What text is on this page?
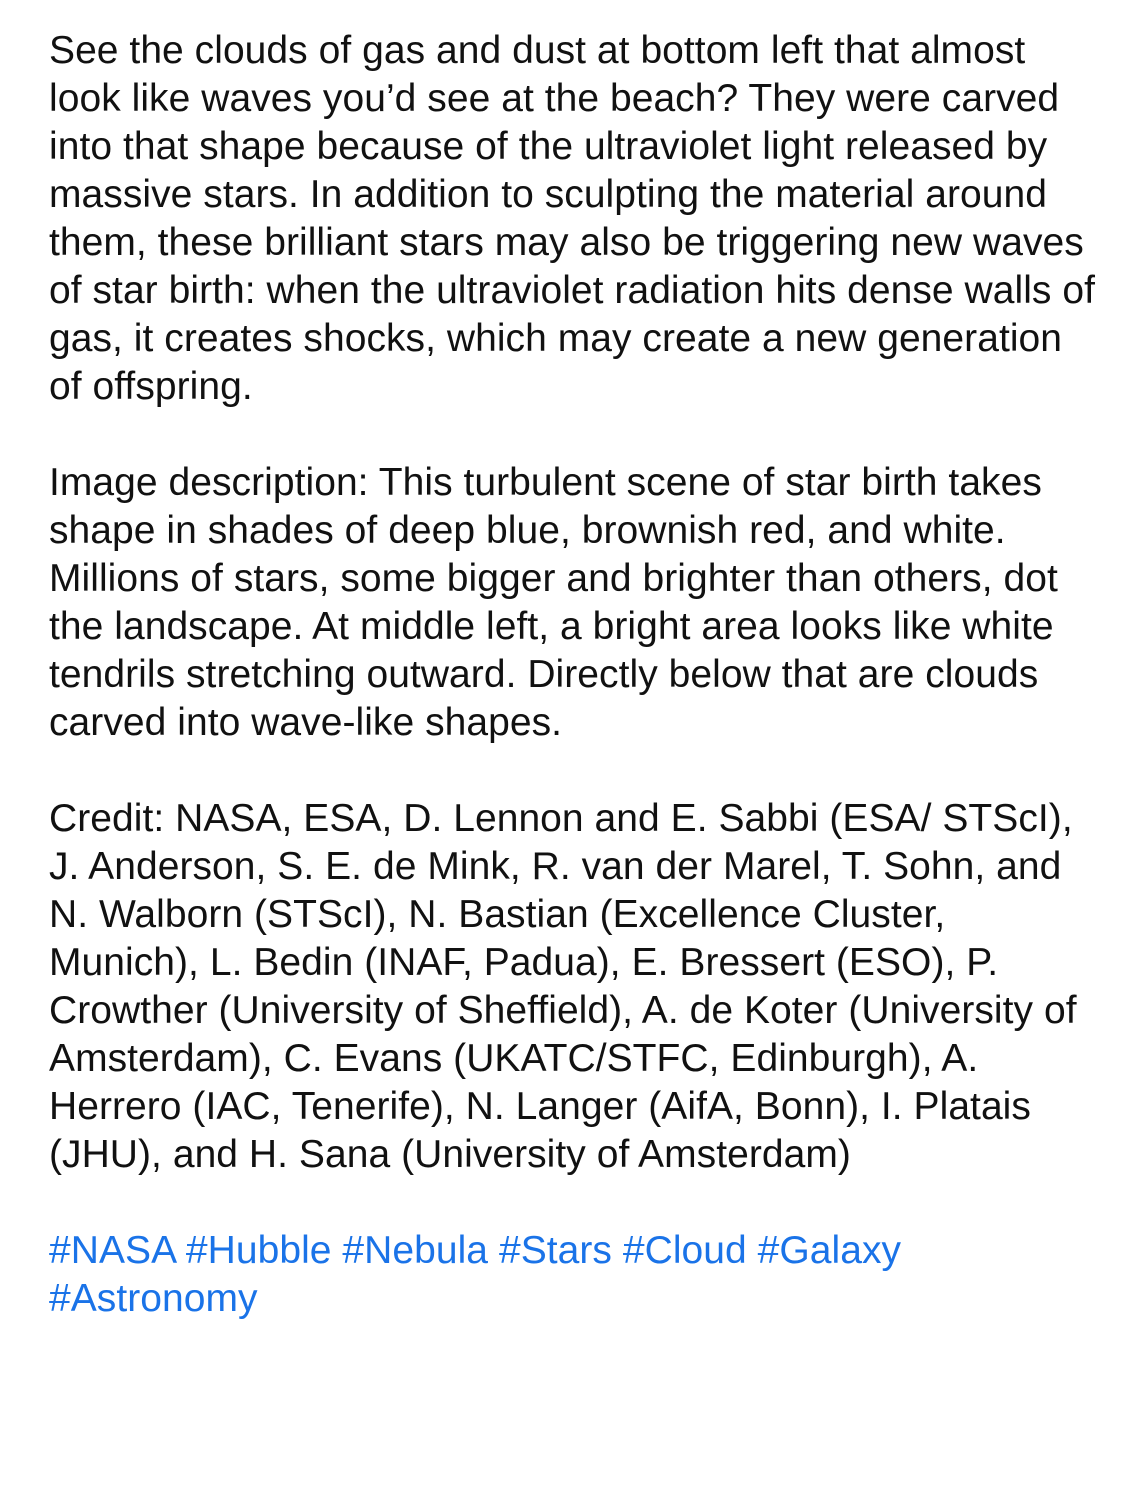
See the clouds of gas and dust at bottom left that almost look like waves you’d see at the beach? They were carved into that shape because of the ultraviolet light released by massive stars. In addition to sculpting the material around them, these brilliant stars may also be triggering new waves of star birth: when the ultraviolet radiation hits dense walls of gas, it creates shocks, which may create a new generation of offspring.

Image description: This turbulent scene of star birth takes shape in shades of deep blue, brownish red, and white. Millions of stars, some bigger and brighter than others, dot the landscape. At middle left, a bright area looks like white tendrils stretching outward. Directly below that are clouds carved into wave-like shapes.

Credit: NASA, ESA, D. Lennon and E. Sabbi (ESA/ STScI), J. Anderson, S. E. de Mink, R. van der Marel, T. Sohn, and N. Walborn (STScI), N. Bastian (Excellence Cluster, Munich), L. Bedin (INAF, Padua), E. Bressert (ESO), P. Crowther (University of Sheffield), A. de Koter (University of Amsterdam), C. Evans (UKATC/STFC, Edinburgh), A. Herrero (IAC, Tenerife), N. Langer (AifA, Bonn), I. Platais (JHU), and H. Sana (University of Amsterdam)

#NASA #Hubble #Nebula #Stars #Cloud #Galaxy #Astronomy
